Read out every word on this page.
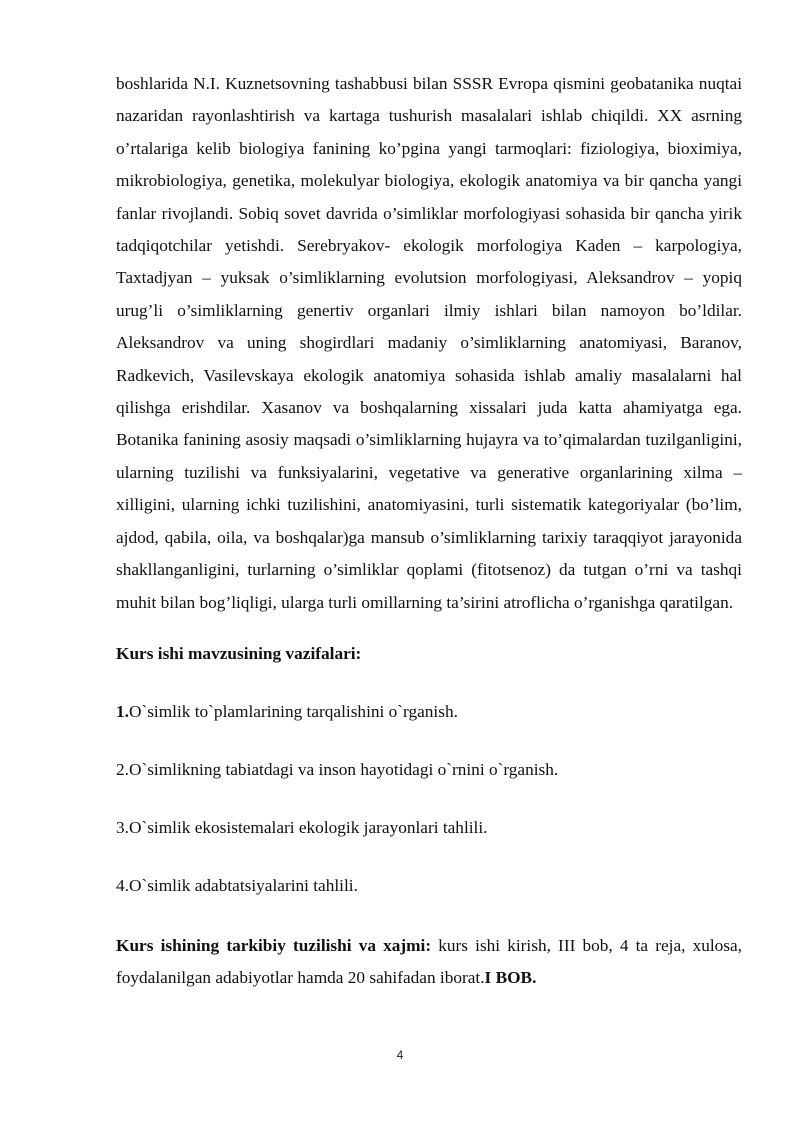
boshlarida N.I. Kuznetsovning tashabbusi bilan SSSR Evropa qismini geobatanika nuqtai nazaridan rayonlashtirish va kartaga tushurish masalalari ishlab chiqildi. XX asrning o’rtalariga kelib biologiya fanining ko’pgina yangi tarmoqlari: fiziologiya, bioximiya, mikrobiologiya, genetika, molekulyar biologiya, ekologik anatomiya va bir qancha yangi fanlar rivojlandi. Sobiq sovet davrida o’simliklar morfologiyasi sohasida bir qancha yirik tadqiqotchilar yetishdi. Serebryakov- ekologik morfologiya Kaden – karpologiya, Taxtadjyan – yuksak o’simliklarning evolutsion morfologiyasi, Aleksandrov – yopiq urug’li o’simliklarning genertiv organlari ilmiy ishlari bilan namoyon bo’ldilar. Aleksandrov va uning shogirdlari madaniy o’simliklarning anatomiyasi, Baranov, Radkevich, Vasilevskaya ekologik anatomiya sohasida ishlab amaliy masalalarni hal qilishga erishdilar. Xasanov va boshqalarning xissalari juda katta ahamiyatga ega. Botanika fanining asosiy maqsadi o’simliklarning hujayra va to’qimalardan tuzilganligini, ularning tuzilishi va funksiyalarini, vegetative va generative organlarining xilma – xilligini, ularning ichki tuzilishini, anatomiyasini, turli sistematik kategoriyalar (bo’lim, ajdod, qabila, oila, va boshqalar)ga mansub o’simliklarning tarixiy taraqqiyot jarayonida shakllanganligini, turlarning o’simliklar qoplami (fitotsenoz) da tutgan o’rni va tashqi muhit bilan bog’liqligi, ularga turli omillarning ta’sirini atroflicha o’rganishga qaratilgan.

Kurs ishi mavzusining vazifalari:

1.O`simlik to`plamlarining tarqalishini o`rganish.

2.O`simlikning tabiatdagi va inson hayotidagi o`rnini o`rganish.

3.O`simlik ekosistemalari ekologik jarayonlari tahlili.

4.O`simlik adabtatsiyalarini tahlili.

Kurs ishining tarkibiy tuzilishi va xajmi: kurs ishi kirish, III bob, 4 ta reja, xulosa, foydalanilgan adabiyotlar hamda 20 sahifadan iborat.I BOB.

4
